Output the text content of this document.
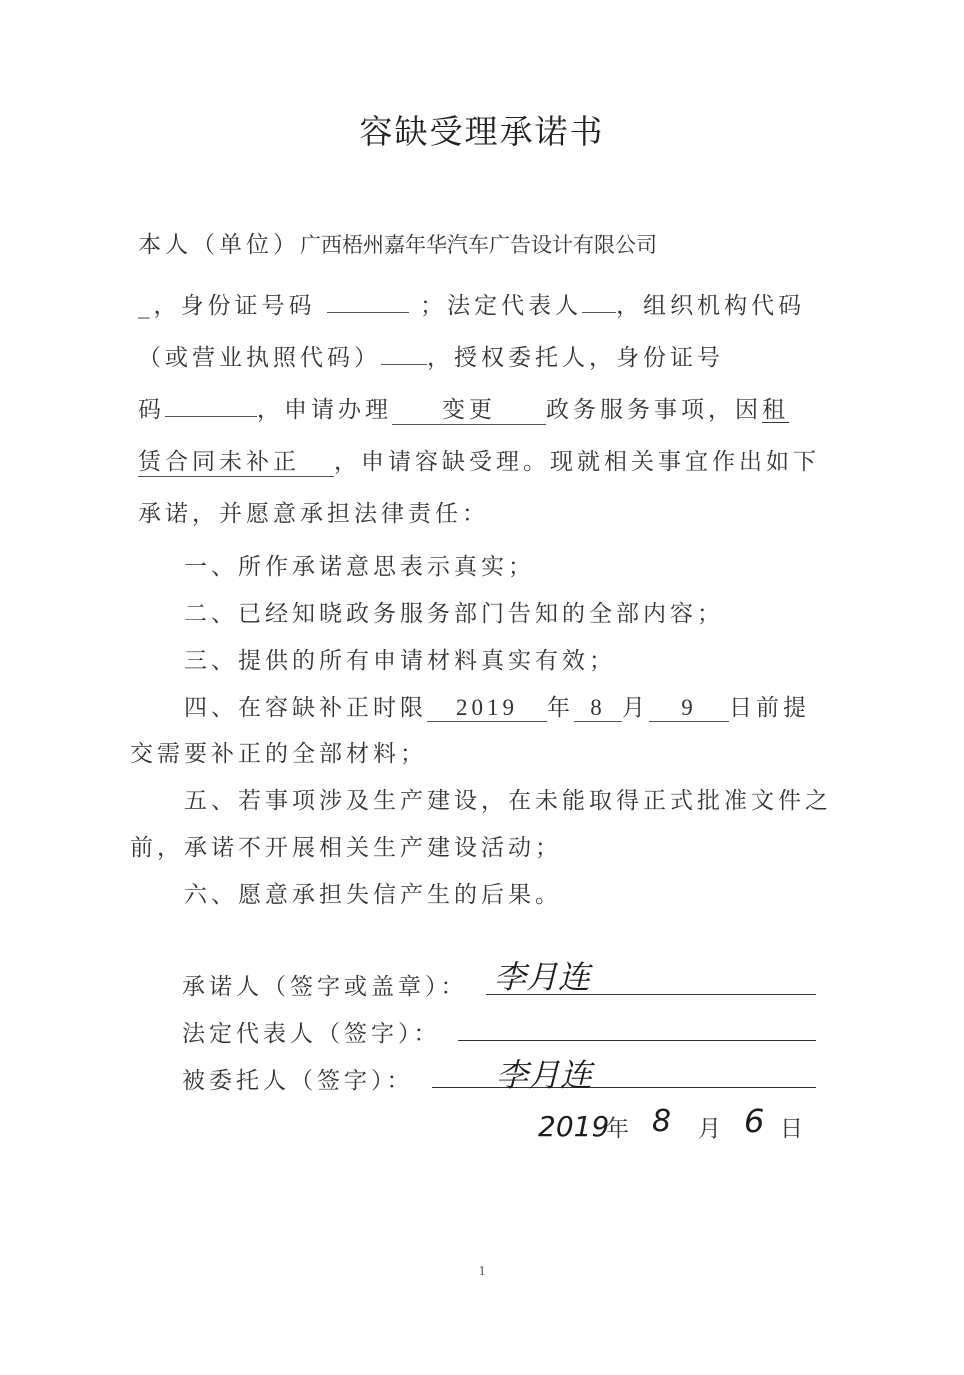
容缺受理承诺书
本人（单位）广西梧州嘉年华汽车广告设计有限公司
_，身份证号码	；法定代表人 ，组织机构代码
（或营业执照代码） ，授权委托人，身份证号
码	，申请办理 变更 政务服务事项，因租
赁合同未补正 ，申请容缺受理。现就相关事宜作出如下
承诺，并愿意承担法律责任：
一、所作承诺意思表示真实；
二、已经知晓政务服务部门告知的全部内容；
三、提供的所有申请材料真实有效；
四、在容缺补正时限 2019 年 8 月 9 日前提
交需要补正的全部材料；
五、若事项涉及生产建设，在未能取得正式批准文件之
前，承诺不开展相关生产建设活动；
六、愿意承担失信产生的后果。
承诺人（签字或盖章）： 李月连
法定代表人（签字）：
被委托人（签字）：	李月连
2019
年 8 月 6 日
1
